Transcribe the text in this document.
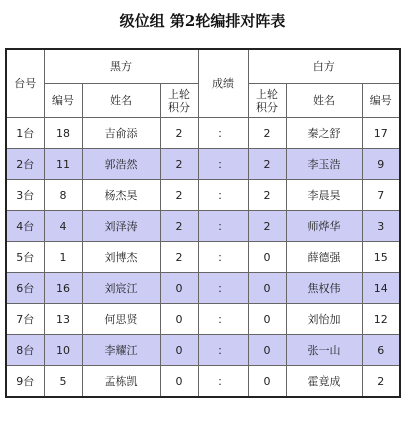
级位组 第2轮编排对阵表
台号	黑方			成绩	白方		
	编号	姓名	上轮积分		上轮积分	姓名	编号
1台	18	吉俞添	2	：	2	秦之舒	17
2台	11	郭浩然	2	：	2	李玉浩	9
3台	8	杨杰昊	2	：	2	李晨昊	7
4台	4	刘泽涛	2	：	2	师烨华	3
5台	1	刘博杰	2	：	0	薛德强	15
6台	16	刘宸江	0	：	0	焦权伟	14
7台	13	何思贤	0	：	0	刘怡加	12
8台	10	李耀江	0	：	0	张一山	6
9台	5	孟栋凯	0	：	0	霍竟成	2
